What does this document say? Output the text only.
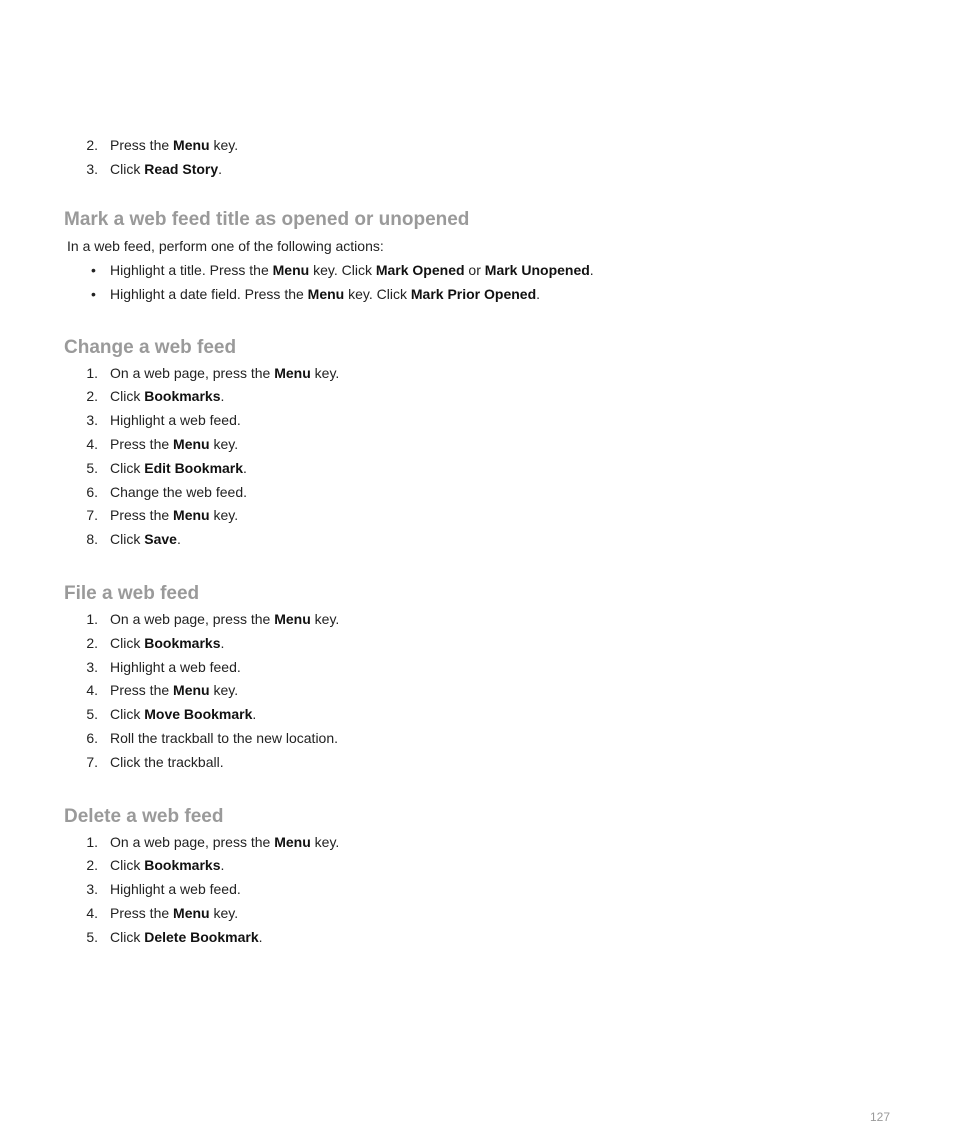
2. Press the Menu key.
3. Click Read Story.
Mark a web feed title as opened or unopened
In a web feed, perform one of the following actions:
• Highlight a title. Press the Menu key. Click Mark Opened or Mark Unopened.
• Highlight a date field. Press the Menu key. Click Mark Prior Opened.
Change a web feed
1. On a web page, press the Menu key.
2. Click Bookmarks.
3. Highlight a web feed.
4. Press the Menu key.
5. Click Edit Bookmark.
6. Change the web feed.
7. Press the Menu key.
8. Click Save.
File a web feed
1. On a web page, press the Menu key.
2. Click Bookmarks.
3. Highlight a web feed.
4. Press the Menu key.
5. Click Move Bookmark.
6. Roll the trackball to the new location.
7. Click the trackball.
Delete a web feed
1. On a web page, press the Menu key.
2. Click Bookmarks.
3. Highlight a web feed.
4. Press the Menu key.
5. Click Delete Bookmark.
127
